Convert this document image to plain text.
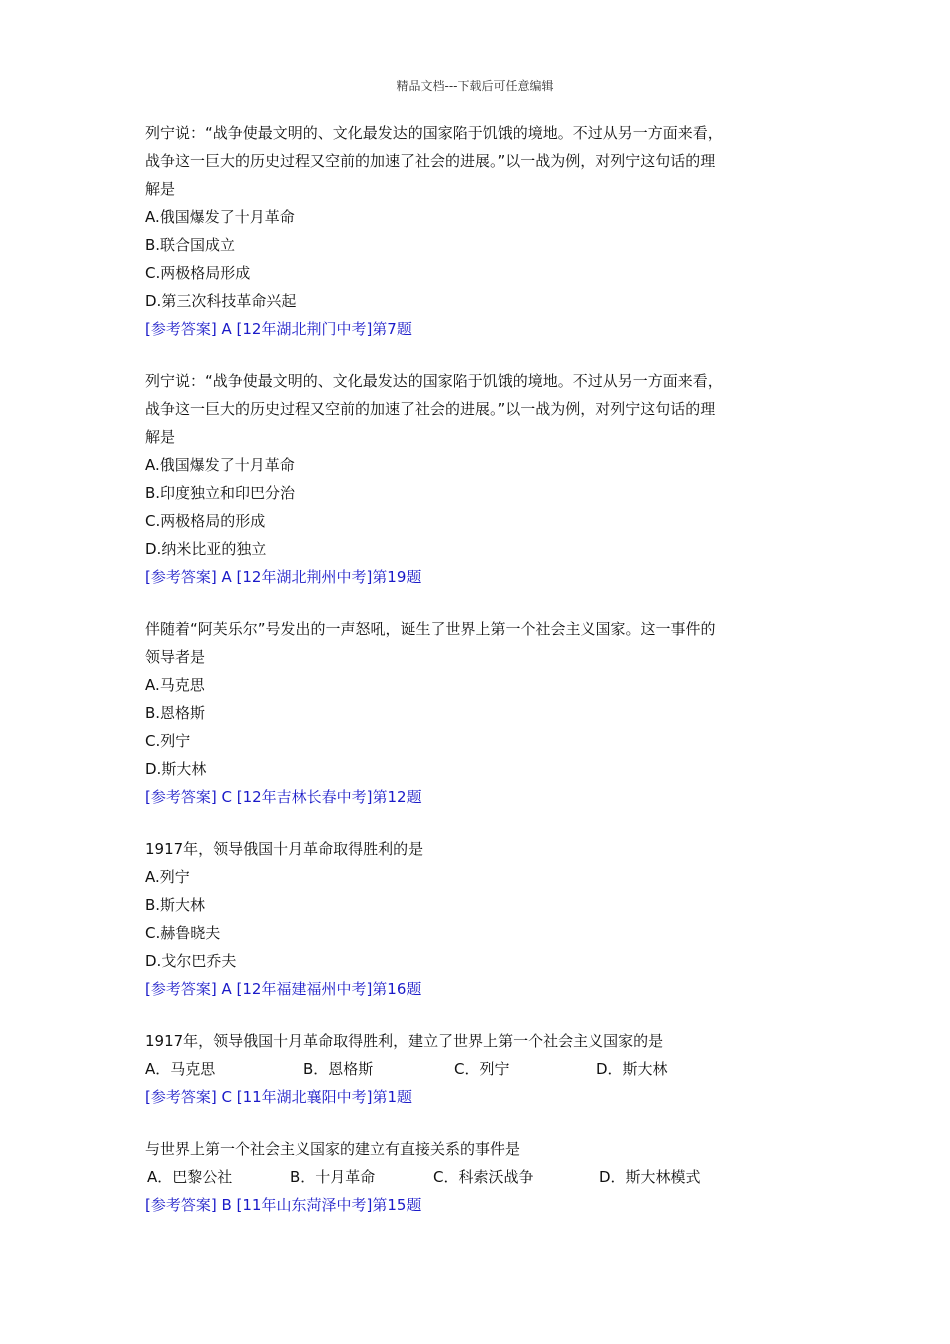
精品文档---下载后可任意编辑
列宁说：“战争使最文明的、文化最发达的国家陷于饥饿的境地。不过从另一方面来看，
战争这一巨大的历史过程又空前的加速了社会的进展。”以一战为例，对列宁这句话的理
解是
A.俄国爆发了十月革命
B.联合国成立
C.两极格局形成
D.第三次科技革命兴起
[参考答案] A [12年湖北荆门中考]第7题
列宁说：“战争使最文明的、文化最发达的国家陷于饥饿的境地。不过从另一方面来看，
战争这一巨大的历史过程又空前的加速了社会的进展。”以一战为例，对列宁这句话的理
解是
A.俄国爆发了十月革命
B.印度独立和印巴分治
C.两极格局的形成
D.纳米比亚的独立
[参考答案] A [12年湖北荆州中考]第19题
伴随着“阿芙乐尔”号发出的一声怒吼，诞生了世界上第一个社会主义国家。这一事件的
领导者是
A.马克思
B.恩格斯
C.列宁
D.斯大林
[参考答案] C [12年吉林长春中考]第12题
1917年，领导俄国十月革命取得胜利的是
A.列宁
B.斯大林
C.赫鲁晓夫
D.戈尔巴乔夫
[参考答案] A [12年福建福州中考]第16题
1917年，领导俄国十月革命取得胜利，建立了世界上第一个社会主义国家的是
A．马克思	B．恩格斯	C．列宁	D．斯大林
[参考答案] C [11年湖北襄阳中考]第1题
与世界上第一个社会主义国家的建立有直接关系的事件是
A．巴黎公社	B．十月革命	C．科索沃战争	D．斯大林模式
[参考答案] B [11年山东菏泽中考]第15题
